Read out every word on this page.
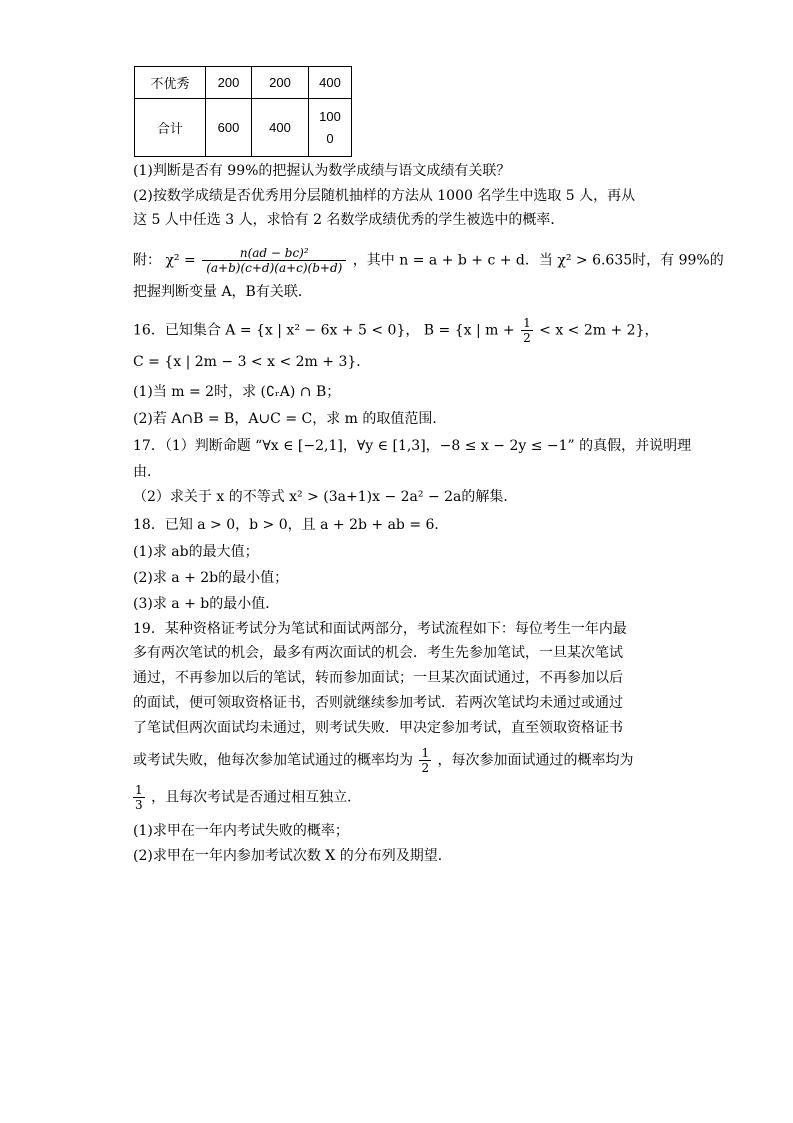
不优秀	200	200	400
合计	600	400	1000
(1)判断是否有 99%的把握认为数学成绩与语文成绩有关联？
(2)按数学成绩是否优秀用分层随机抽样的方法从 1000 名学生中选取 5 人，再从
这 5 人中任选 3 人，求恰有 2 名数学成绩优秀的学生被选中的概率．
附： $\chi^2 = \frac{\text{n(ad − bc)²}}{(a+b)(c+d)(a+c)(b+d)}$ ，其中 n = a + b + c + d．当 χ² > 6.635时，有 99%的
把握判断变量 A，B有关联．
16．已知集合 A = {x | x² − 6x + 5 < 0}， B = {x | $m + \frac{1}{2} < x < 2m + 2$}，
C = {x | 2m − 3 < x < 2m + 3}．
(1)当 m = 2时，求 (∁ᵣA) ∩ B；
(2)若 A∩B = B，A∪C = C，求 m 的取值范围．
17．（1）判断命题 “∀x ∈ [−2,1]，∀y ∈ [1,3]，−8 ≤ x − 2y ≤ −1” 的真假，并说明理
由．
（2）求关于 x 的不等式 x² > (3a+1)x − 2a² − 2a的解集．
18．已知 a > 0，b > 0，且 a + 2b + ab = 6．
(1)求 ab的最大值；
(2)求 a + 2b的最小值；
(3)求 a + b的最小值．
19．某种资格证考试分为笔试和面试两部分，考试流程如下：每位考生一年内最
多有两次笔试的机会，最多有两次面试的机会．考生先参加笔试，一旦某次笔试
通过，不再参加以后的笔试，转而参加面试；一旦某次面试通过，不再参加以后
的面试，便可领取资格证书，否则就继续参加考试．若两次笔试均未通过或通过
了笔试但两次面试均未通过，则考试失败．甲决定参加考试，直至领取资格证书
或考试失败，他每次参加笔试通过的概率均为 $\frac{1}{2}$ ，每次参加面试通过的概率均为
$\frac{1}{3}$ ，且每次考试是否通过相互独立．
(1)求甲在一年内考试失败的概率；
(2)求甲在一年内参加考试次数 X 的分布列及期望．
